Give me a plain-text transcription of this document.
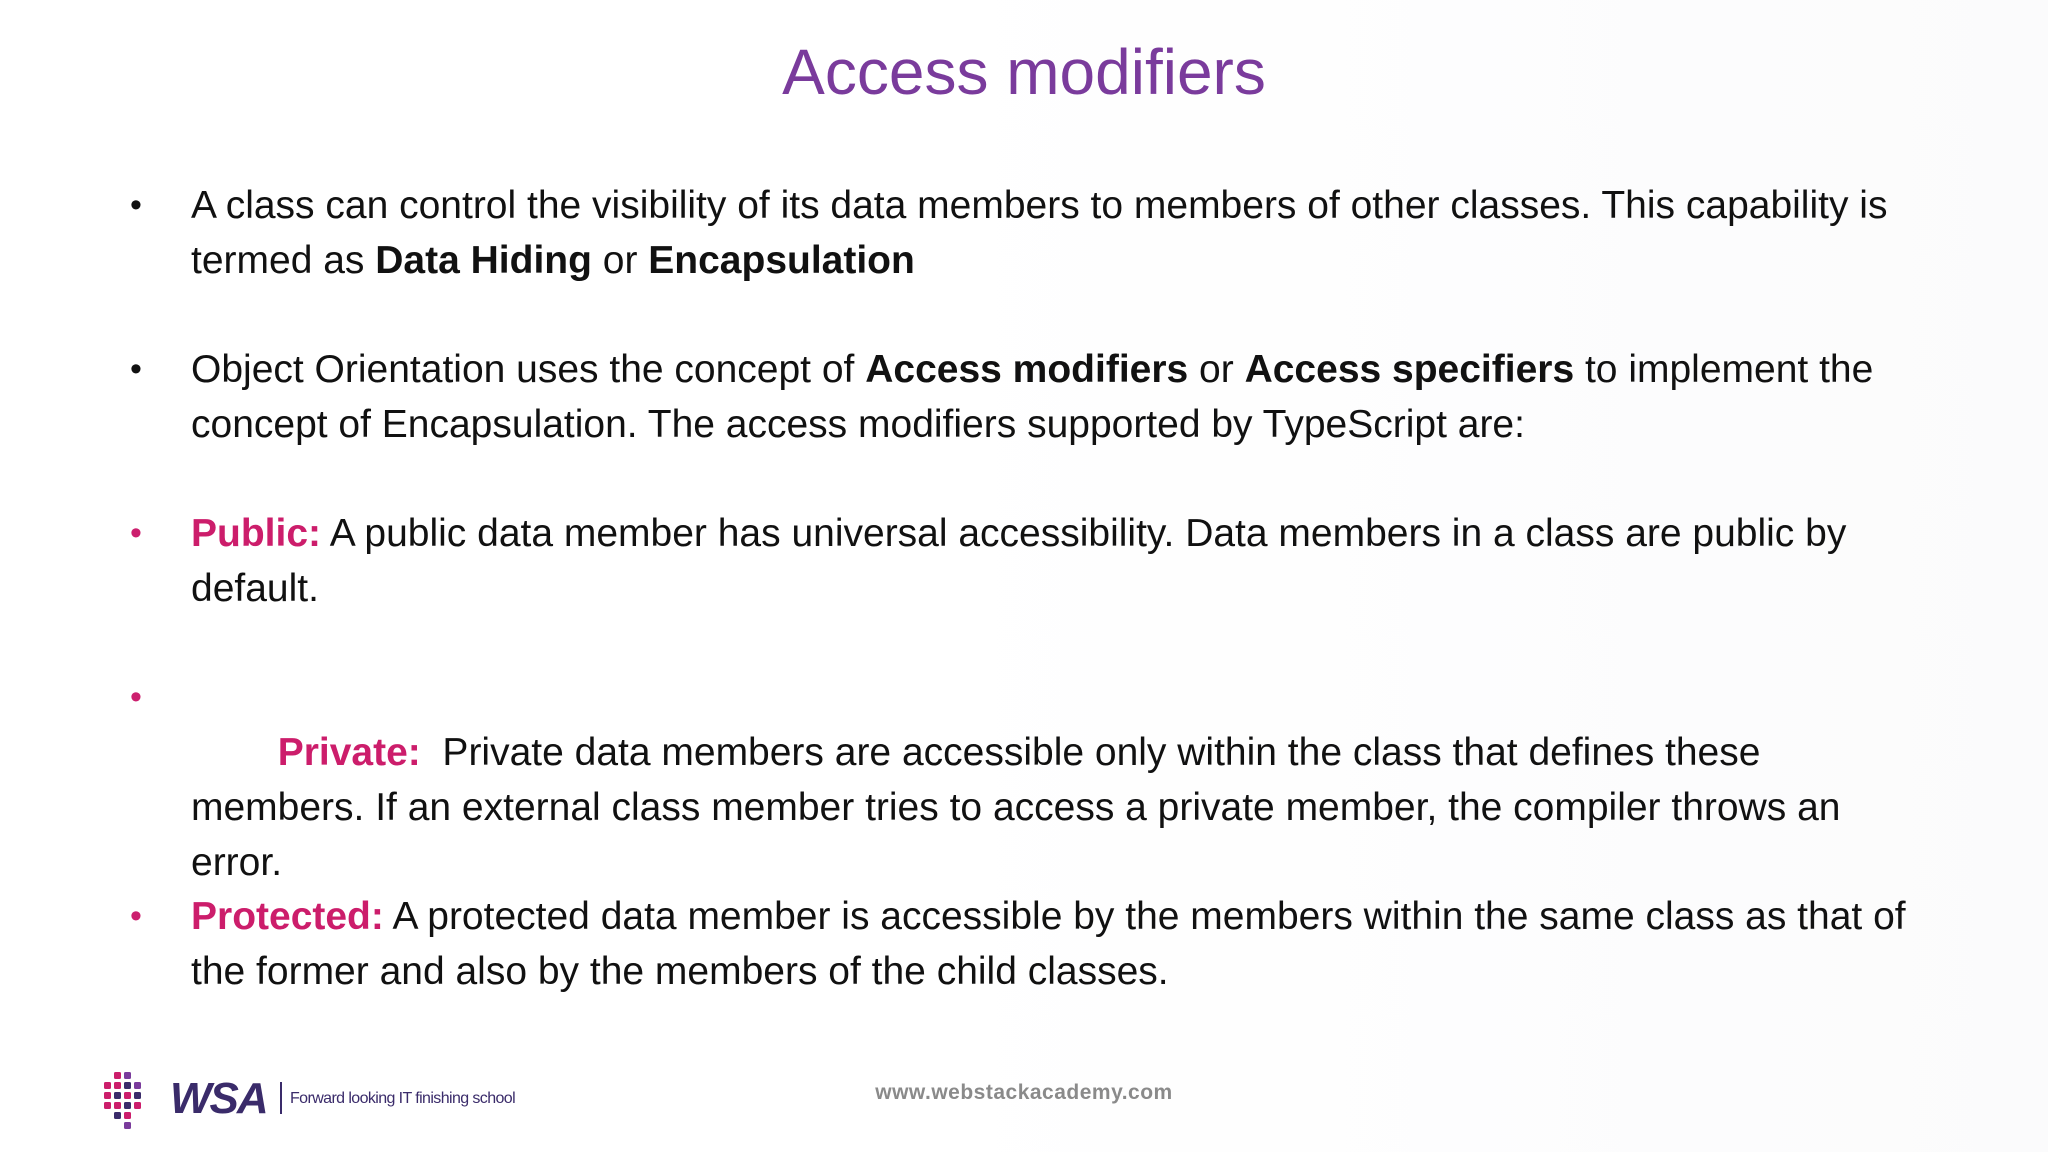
Access modifiers
• A class can control the visibility of its data members to members of other classes. This capability is termed as Data Hiding or Encapsulation
• Object Orientation uses the concept of Access modifiers or Access specifiers to implement the concept of Encapsulation. The access modifiers supported by TypeScript are:
• Public: A public data member has universal accessibility. Data members in a class are public by default.
•

Private:  Private data members are accessible only within the class that defines these members. If an external class member tries to access a private member, the compiler throws an error.

• Protected: A protected data member is accessible by the members within the same class as that of the former and also by the members of the child classes.
WSA Forward looking IT finishing school	www.webstackacademy.com
